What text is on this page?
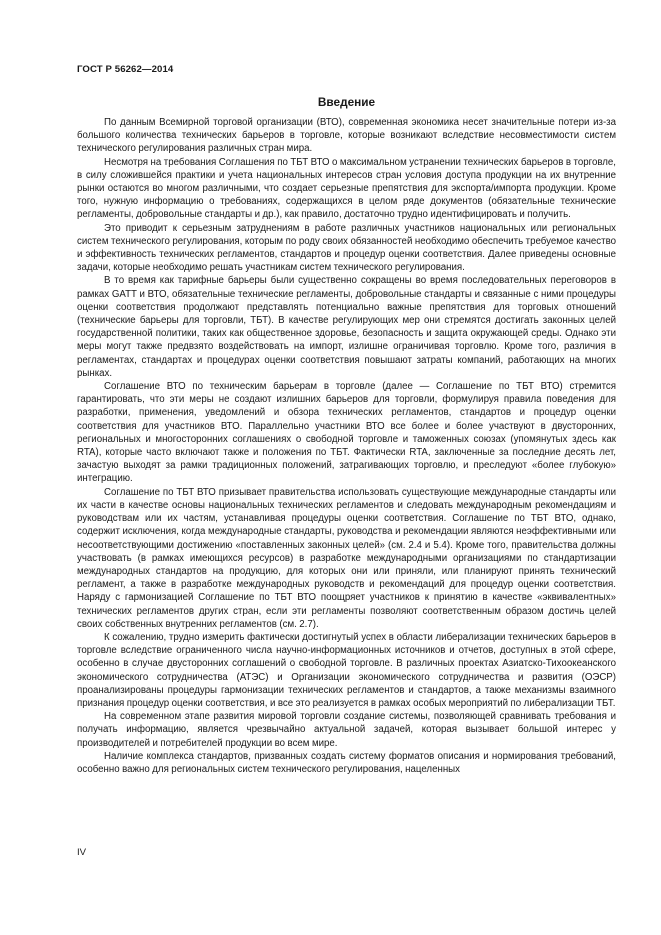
ГОСТ Р 56262—2014
Введение

По данным Всемирной торговой организации (ВТО), современная экономика несет значительные потери из-за большого количества технических барьеров в торговле, которые возникают вследствие несовместимости систем технического регулирования различных стран мира.

Несмотря на требования Соглашения по ТБТ ВТО о максимальном устранении технических барьеров в торговле, в силу сложившейся практики и учета национальных интересов стран условия доступа продукции на их внутренние рынки остаются во многом различными, что создает серьезные препятствия для экспорта/импорта продукции. Кроме того, нужную информацию о требованиях, содержащихся в целом ряде документов (обязательные технические регламенты, добровольные стандарты и др.), как правило, достаточно трудно идентифицировать и получить.

Это приводит к серьезным затруднениям в работе различных участников национальных или региональных систем технического регулирования, которым по роду своих обязанностей необходимо обеспечить требуемое качество и эффективность технических регламентов, стандартов и процедур оценки соответствия. Далее приведены основные задачи, которые необходимо решать участникам систем технического регулирования.

В то время как тарифные барьеры были существенно сокращены во время последовательных переговоров в рамках GATT и ВТО, обязательные технические регламенты, добровольные стандарты и связанные с ними процедуры оценки соответствия продолжают представлять потенциально важные препятствия для торговых отношений (технические барьеры для торговли, ТБТ). В качестве регулирующих мер они стремятся достигать законных целей государственной политики, таких как общественное здоровье, безопасность и защита окружающей среды. Однако эти меры могут также предвзято воздействовать на импорт, излишне ограничивая торговлю. Кроме того, различия в регламентах, стандартах и процедурах оценки соответствия повышают затраты компаний, работающих на многих рынках.

Соглашение ВТО по техническим барьерам в торговле (далее — Соглашение по ТБТ ВТО) стремится гарантировать, что эти меры не создают излишних барьеров для торговли, формулируя правила поведения для разработки, применения, уведомлений и обзора технических регламентов, стандартов и процедур оценки соответствия для участников ВТО. Параллельно участники ВТО все более и более участвуют в двусторонних, региональных и многосторонних соглашениях о свободной торговле и таможенных союзах (упомянутых здесь как RTA), которые часто включают также и положения по ТБТ. Фактически RTA, заключенные за последние десять лет, зачастую выходят за рамки традиционных положений, затрагивающих торговлю, и преследуют «более глубокую» интеграцию.

Соглашение по ТБТ ВТО призывает правительства использовать существующие международные стандарты или их части в качестве основы национальных технических регламентов и следовать международным рекомендациям и руководствам или их частям, устанавливая процедуры оценки соответствия. Соглашение по ТБТ ВТО, однако, содержит исключения, когда международные стандарты, руководства и рекомендации являются неэффективными или несоответствующими достижению «поставленных законных целей» (см. 2.4 и 5.4). Кроме того, правительства должны участвовать (в рамках имеющихся ресурсов) в разработке международными организациями по стандартизации международных стандартов на продукцию, для которых они или приняли, или планируют принять технический регламент, а также в разработке международных руководств и рекомендаций для процедур оценки соответствия. Наряду с гармонизацией Соглашение по ТБТ ВТО поощряет участников к принятию в качестве «эквивалентных» технических регламентов других стран, если эти регламенты позволяют соответственным образом достичь целей своих собственных внутренних регламентов (см. 2.7).

К сожалению, трудно измерить фактически достигнутый успех в области либерализации технических барьеров в торговле вследствие ограниченного числа научно-информационных источников и отчетов, доступных в этой сфере, особенно в случае двусторонних соглашений о свободной торговле. В различных проектах Азиатско-Тихоокеанского экономического сотрудничества (АТЭС) и Организации экономического сотрудничества и развития (ОЭСР) проанализированы процедуры гармонизации технических регламентов и стандартов, а также механизмы взаимного признания процедур оценки соответствия, и все это реализуется в рамках особых мероприятий по либерализации ТБТ.

На современном этапе развития мировой торговли создание системы, позволяющей сравнивать требования и получать информацию, является чрезвычайно актуальной задачей, которая вызывает большой интерес у производителей и потребителей продукции во всем мире.

Наличие комплекса стандартов, призванных создать систему форматов описания и нормирования требований, особенно важно для региональных систем технического регулирования, нацеленных

IV
